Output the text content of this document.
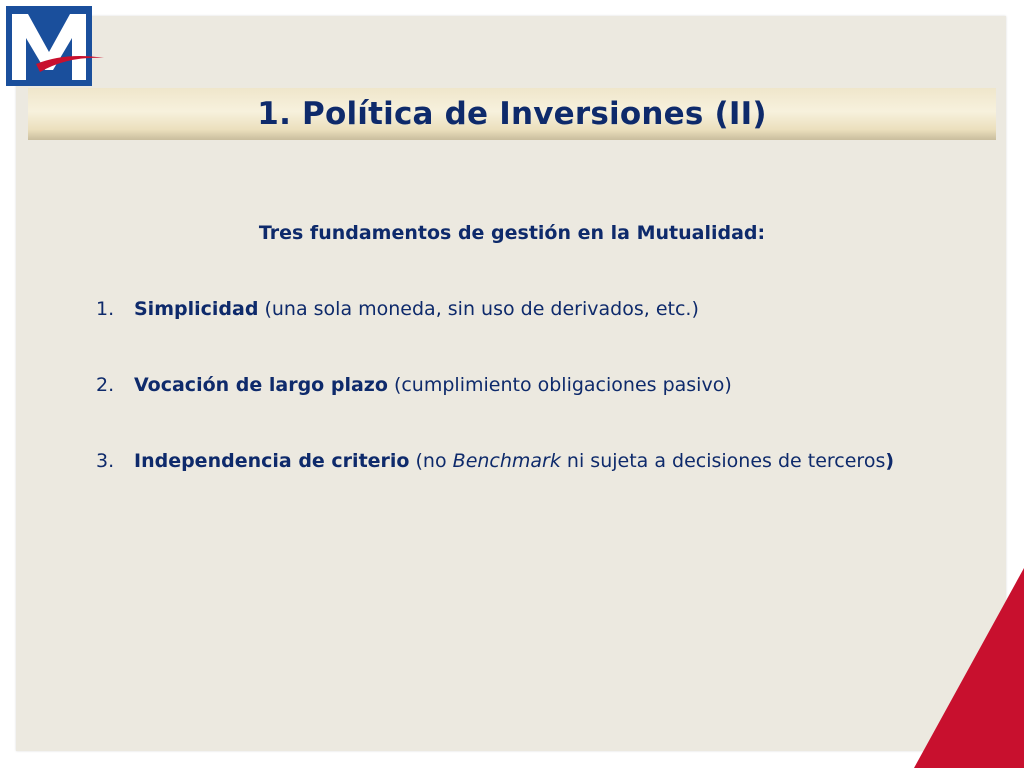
1. Política de Inversiones (II)
Tres fundamentos de gestión en la Mutualidad:
1. Simplicidad (una sola moneda, sin uso de derivados, etc.)
2. Vocación de largo plazo (cumplimiento obligaciones pasivo)
3. Independencia de criterio (no Benchmark ni sujeta a decisiones de terceros)
